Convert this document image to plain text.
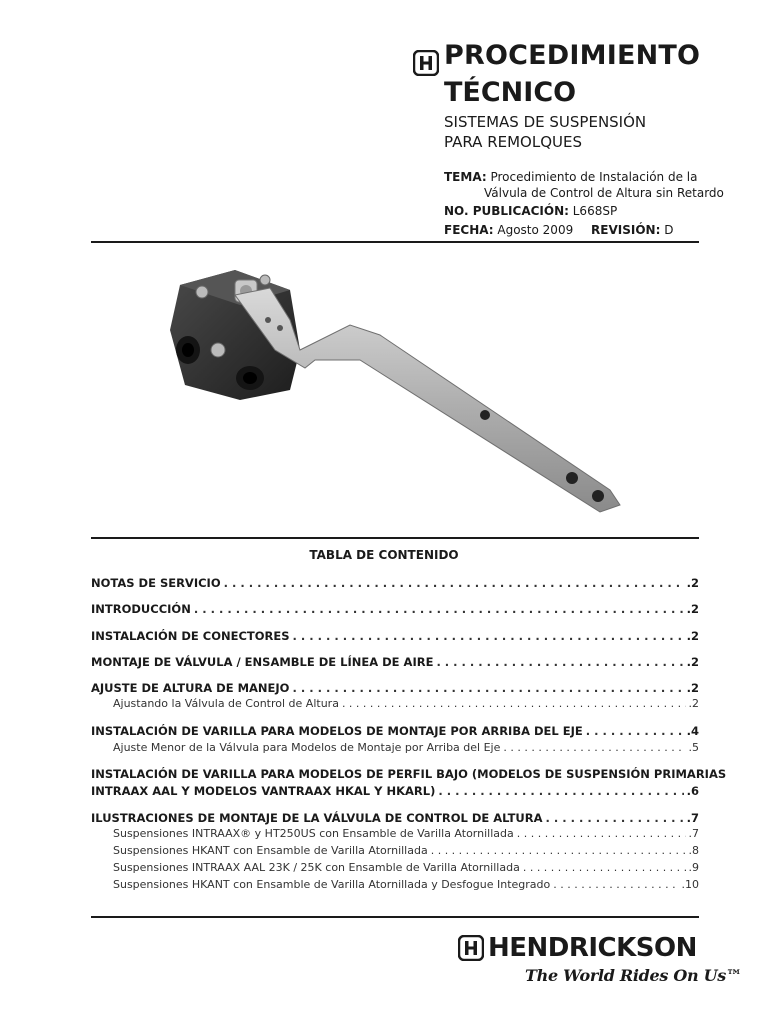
PROCEDIMIENTO
TÉCNICO
SISTEMAS DE SUSPENSIÓN
PARA REMOLQUES
TEMA: Procedimiento de Instalación de la
Válvula de Control de Altura sin Retardo
NO. PUBLICACIÓN: L668SP
FECHA: Agosto 2009 REVISIÓN: D
TABLA DE CONTENIDO
NOTAS DE SERVICIO . . .	.2
INTRODUCCIÓN . . .	.2
INSTALACIÓN DE CONECTORES . . .	.2
MONTAJE DE VÁLVULA / ENSAMBLE DE LÍNEA DE AIRE . . .	.2
AJUSTE DE ALTURA DE MANEJO . . .	.2
Ajustando la Válvula de Control de Altura . . .	.2
INSTALACIÓN DE VARILLA PARA MODELOS DE MONTAJE POR ARRIBA DEL EJE . . .	.4
Ajuste Menor de la Válvula para Modelos de Montaje por Arriba del Eje . . .	.5
INSTALACIÓN DE VARILLA PARA MODELOS DE PERFIL BAJO (MODELOS DE SUSPENSIÓN PRIMARIAS
INTRAAX AAL Y MODELOS VANTRAAX HKAL Y HKARL) . . .	.6
ILUSTRACIONES DE MONTAJE DE LA VÁLVULA DE CONTROL DE ALTURA . . .	.7
Suspensiones INTRAAX® y HT250US con Ensamble de Varilla Atornillada . . .	.7
Suspensiones HKANT con Ensamble de Varilla Atornillada . . .	.8
Suspensiones INTRAAX AAL 23K / 25K con Ensamble de Varilla Atornillada . . .	.9
Suspensiones HKANT con Ensamble de Varilla Atornillada y Desfogue Integrado . . .	.10
HENDRICKSON
The World Rides On Us™
